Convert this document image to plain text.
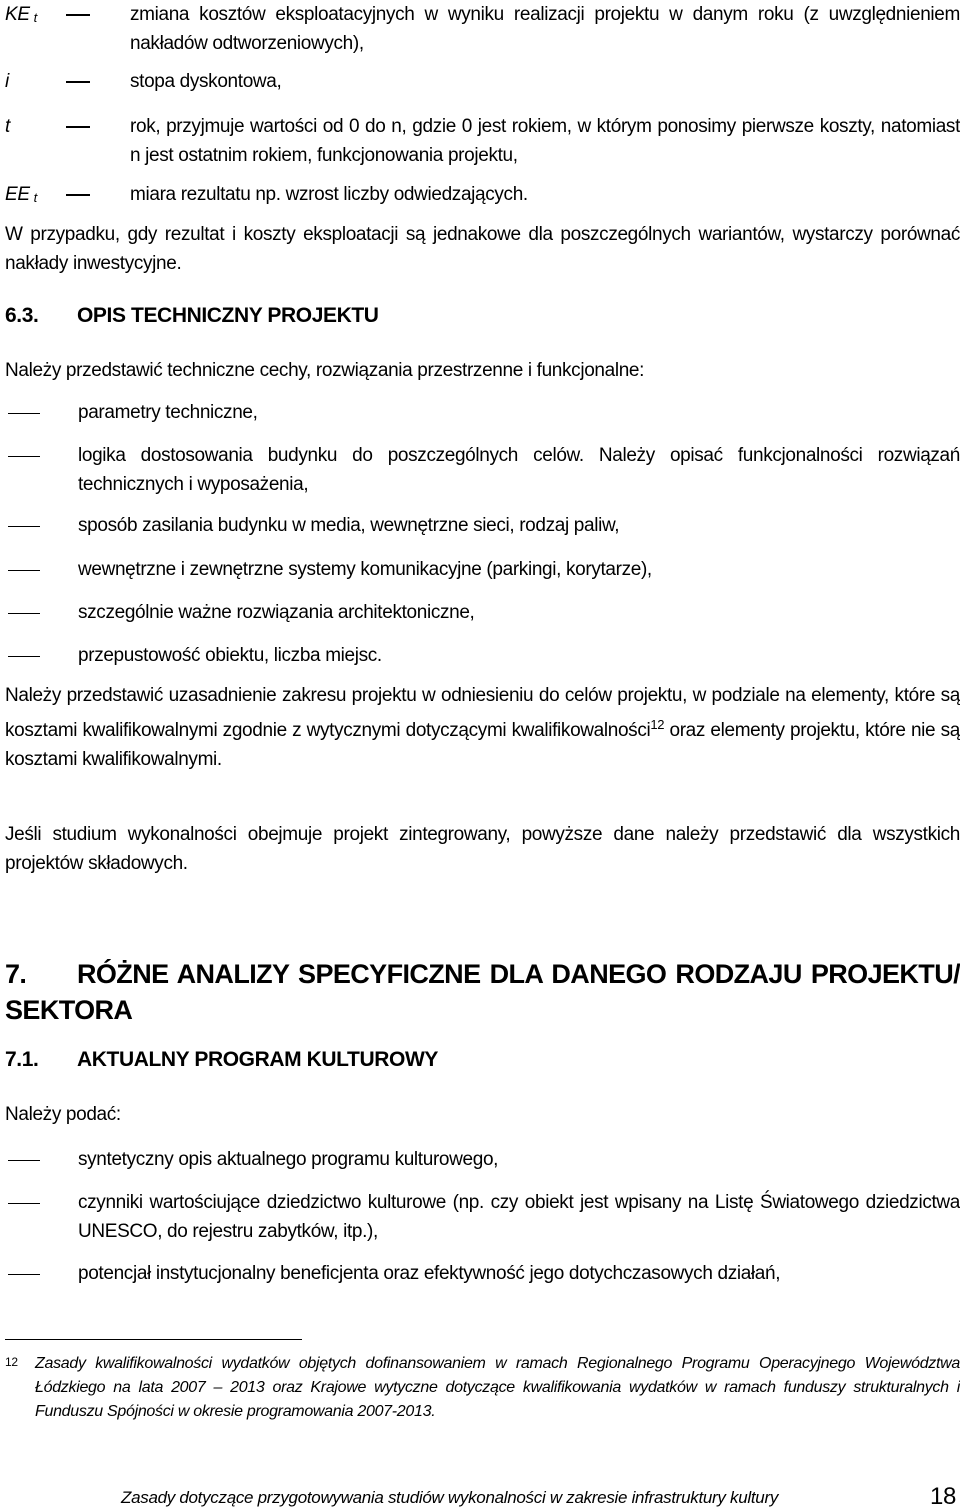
KE $_t$	zmiana kosztów eksploatacyjnych w wyniku realizacji projektu w danym roku (z uwzględnieniem nakładów odtworzeniowych),
i	stopa dyskontowa,
t	rok, przyjmuje wartości od 0 do n, gdzie 0 jest rokiem, w którym ponosimy pierwsze koszty, natomiast n jest ostatnim rokiem, funkcjonowania projektu,
EE $_t$	miara rezultatu np. wzrost liczby odwiedzających.
W przypadku, gdy rezultat i koszty eksploatacji są jednakowe dla poszczególnych wariantów, wystarczy porównać nakłady inwestycyjne.
6.3. OPIS TECHNICZNY PROJEKTU
Należy przedstawić techniczne cechy, rozwiązania przestrzenne i funkcjonalne:
parametry techniczne,
logika dostosowania budynku do poszczególnych celów. Należy opisać funkcjonalności rozwiązań technicznych i wyposażenia,
sposób zasilania budynku w media, wewnętrzne sieci, rodzaj paliw,
wewnętrzne i zewnętrzne systemy komunikacyjne (parkingi, korytarze),
szczególnie ważne rozwiązania architektoniczne,
przepustowość obiektu, liczba miejsc.
Należy przedstawić uzasadnienie zakresu projektu w odniesieniu do celów projektu, w podziale na elementy, które są kosztami kwalifikowalnymi zgodnie z wytycznymi dotyczącymi kwalifikowalności$^{12}$ oraz elementy projektu, które nie są kosztami kwalifikowalnymi.
Jeśli studium wykonalności obejmuje projekt zintegrowany, powyższe dane należy przedstawić dla wszystkich projektów składowych.
7. RÓŻNE ANALIZY SPECYFICZNE DLA DANEGO RODZAJU PROJEKTU/ SEKTORA
7.1. AKTUALNY PROGRAM KULTUROWY
Należy podać:
syntetyczny opis aktualnego programu kulturowego,
czynniki wartościujące dziedzictwo kulturowe (np. czy obiekt jest wpisany na Listę Światowego dziedzictwa UNESCO, do rejestru zabytków, itp.),
potencjał instytucjonalny beneficjenta oraz efektywność jego dotychczasowych działań,
12	Zasady kwalifikowalności wydatków objętych dofinansowaniem w ramach Regionalnego Programu Operacyjnego Województwa Łódzkiego na lata 2007 – 2013 oraz Krajowe wytyczne dotyczące kwalifikowania wydatków w ramach funduszy strukturalnych i Funduszu Spójności w okresie programowania 2007-2013.
Zasady dotyczące przygotowywania studiów wykonalności w zakresie infrastruktury kultury	18
